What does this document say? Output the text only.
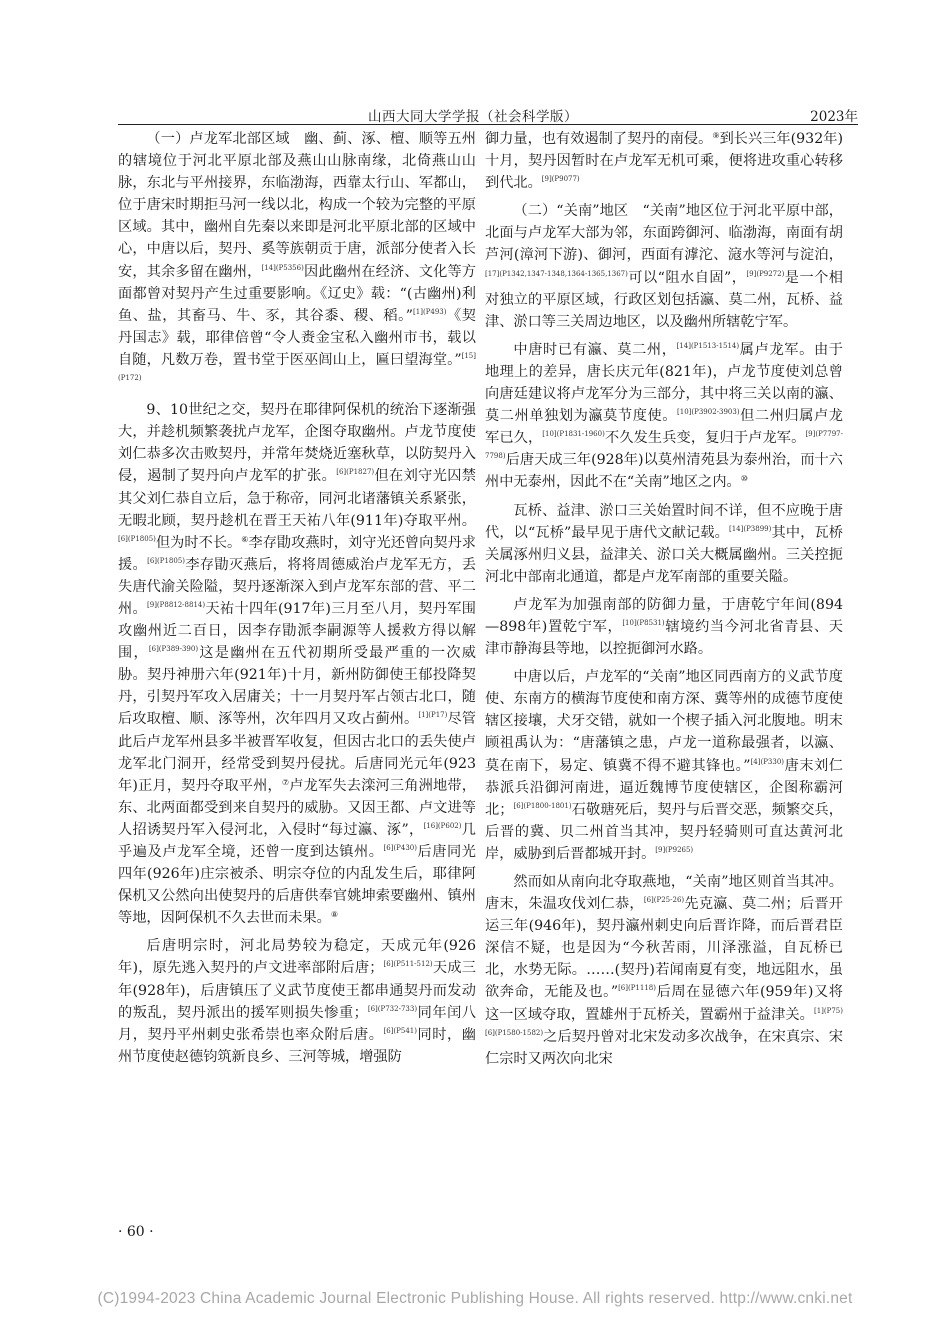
山西大同大学学报（社会科学版）	2023年

（一）卢龙军北部区域　幽、蓟、涿、檀、顺等五州的辖境位于河北平原北部及燕山山脉南缘，北倚燕山山脉，东北与平州接界，东临渤海，西靠太行山、军都山，位于唐宋时期拒马河一线以北，构成一个较为完整的平原区域。其中，幽州自先秦以来即是河北平原北部的区域中心，中唐以后，契丹、奚等族朝贡于唐，派部分使者入长安，其余多留在幽州，$^{[14](P5356)}$因此幽州在经济、文化等方面都曾对契丹产生过重要影响。《辽史》载：“(古幽州)利鱼、盐，其畜马、牛、豕，其谷黍、稷、稻。”$^{[1](P493)}$《契丹国志》载，耶律倍曾“令人赉金宝私入幽州市书，载以自随，凡数万卷，置书堂于医巫闾山上，匾曰望海堂。”$^{[15](P172)}$

9、10世纪之交，契丹在耶律阿保机的统治下逐渐强大，并趁机频繁袭扰卢龙军，企图夺取幽州。卢龙节度使刘仁恭多次击败契丹，并常年焚烧近塞秋草，以防契丹入侵，遏制了契丹向卢龙军的扩张。$^{[6](P1827)}$但在刘守光囚禁其父刘仁恭自立后，急于称帝，同河北诸藩镇关系紧张，无暇北顾，契丹趁机在晋王天祐八年(911年)夺取平州。$^{[6](P1805)}$但为时不长。⑥李存勖攻燕时，刘守光还曾向契丹求援。$^{[6](P1805)}$李存勖灭燕后，将将周德威治卢龙军无方，丢失唐代渝关险隘，契丹逐渐深入到卢龙军东部的营、平二州。$^{[9](P8812-8814)}$天祐十四年(917年)三月至八月，契丹军围攻幽州近二百日，因李存勖派李嗣源等人援救方得以解围，$^{[6](P389-390)}$这是幽州在五代初期所受最严重的一次威胁。契丹神册六年(921年)十月，新州防御使王郁投降契丹，引契丹军攻入居庸关；十一月契丹军占领古北口，随后攻取檀、顺、涿等州，次年四月又攻占蓟州。$^{[1](P17)}$尽管此后卢龙军州县多半被晋军收复，但因古北口的丢失使卢龙军北门洞开，经常受到契丹侵扰。后唐同光元年(923年)正月，契丹夺取平州，⑦卢龙军失去滦河三角洲地带，东、北两面都受到来自契丹的威胁。又因王都、卢文进等人招诱契丹军入侵河北，入侵时“每过瀛、涿”，$^{[16](P602)}$几乎遍及卢龙军全境，还曾一度到达镇州。$^{[6](P430)}$后唐同光四年(926年)庄宗被杀、明宗夺位的内乱发生后，耶律阿保机又公然向出使契丹的后唐供奉官姚坤索要幽州、镇州等地，因阿保机不久去世而未果。⑧

后唐明宗时，河北局势较为稳定，天成元年(926年)，原先逃入契丹的卢文进率部附后唐；$^{[6](P511-512)}$天成三年(928年)，后唐镇压了义武节度使王都串通契丹而发动的叛乱，契丹派出的援军则损失惨重；$^{[6](P732-733)}$同年闰八月，契丹平州刺史张希崇也率众附后唐。$^{[6](P541)}$同时，幽州节度使赵德钧筑新良乡、三河等城，增强防

御力量，也有效遏制了契丹的南侵。⑨到长兴三年(932年)十月，契丹因暂时在卢龙军无机可乘，便将进攻重心转移到代北。$^{[9](P9077)}$

（二）“关南”地区　“关南”地区位于河北平原中部，北面与卢龙军大部为邻，东面跨御河、临渤海，南面有胡芦河(漳河下游)、御河，西面有滹沱、滱水等河与淀泊，$^{[17](P1342,1347-1348,1364-1365,1367)}$可以“阻水自固”，$^{[9](P9272)}$是一个相对独立的平原区域，行政区划包括瀛、莫二州，瓦桥、益津、淤口等三关周边地区，以及幽州所辖乾宁军。

中唐时已有瀛、莫二州，$^{[14](P1513-1514)}$属卢龙军。由于地理上的差异，唐长庆元年(821年)，卢龙节度使刘总曾向唐廷建议将卢龙军分为三部分，其中将三关以南的瀛、莫二州单独划为瀛莫节度使。$^{[10](P3902-3903)}$但二州归属卢龙军已久，$^{[10](P1831-1960)}$不久发生兵变，复归于卢龙军。$^{[9](P7797-7798)}$后唐天成三年(928年)以莫州清苑县为泰州治，而十六州中无泰州，因此不在“关南”地区之内。⑩

瓦桥、益津、淤口三关始置时间不详，但不应晚于唐代，以“瓦桥”最早见于唐代文献记载。$^{[14](P3899)}$其中，瓦桥关属涿州归义县，益津关、淤口关大概属幽州。三关控扼河北中部南北通道，都是卢龙军南部的重要关隘。

卢龙军为加强南部的防御力量，于唐乾宁年间(894—898年)置乾宁军，$^{[10](P8531)}$辖境约当今河北省青县、天津市静海县等地，以控扼御河水路。

中唐以后，卢龙军的“关南”地区同西南方的义武节度使、东南方的横海节度使和南方深、冀等州的成德节度使辖区接壤，犬牙交错，就如一个楔子插入河北腹地。明末顾祖禹认为：“唐藩镇之患，卢龙一道称最强者，以瀛、莫在南下，易定、镇冀不得不避其锋也。”$^{[4](P330)}$唐末刘仁恭派兵沿御河南进，逼近魏博节度使辖区，企图称霸河北；$^{[6](P1800-1801)}$石敬瑭死后，契丹与后晋交恶，频繁交兵，后晋的冀、贝二州首当其冲，契丹轻骑则可直达黄河北岸，威胁到后晋都城开封。$^{[9](P9265)}$

然而如从南向北夺取燕地，“关南”地区则首当其冲。唐末，朱温攻伐刘仁恭，$^{[6](P25-26)}$先克瀛、莫二州；后晋开运三年(946年)，契丹瀛州刺史向后晋诈降，而后晋君臣深信不疑，也是因为“今秋苦雨，川泽涨溢，自瓦桥已北，水势无际。……(契丹)若闻南夏有变，地远阻水，虽欲奔命，无能及也。”$^{[6](P1118)}$后周在显德六年(959年)又将这一区域夺取，置雄州于瓦桥关，置霸州于益津关。$^{[1](P75)[6](P1580-1582)}$之后契丹曾对北宋发动多次战争，在宋真宗、宋仁宗时又两次向北宋

· 60 ·
(C)1994-2023 China Academic Journal Electronic Publishing House. All rights reserved. http://www.cnki.net
